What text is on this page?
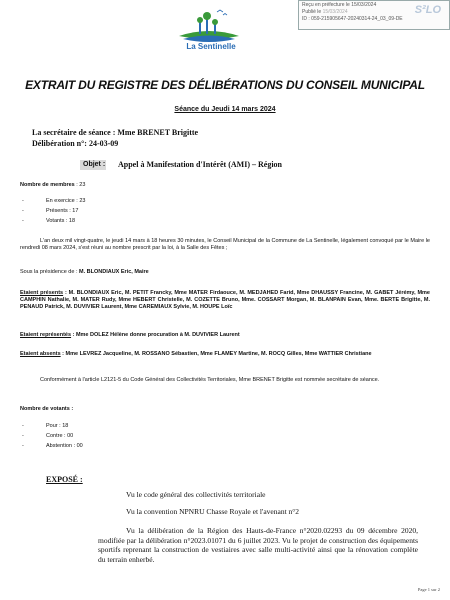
Reçu en préfecture le 15/03/2024
Publié le 15/03/2024
ID : 059-215905647-20240314-24_03_09-DE
S²LO
Ville de
La Sentinelle
EXTRAIT DU REGISTRE DES DÉLIBÉRATIONS DU CONSEIL MUNICIPAL
Séance du Jeudi 14 mars 2024
La secrétaire de séance : Mme BRENET Brigitte
Délibération n°: 24-03-09
Objet : Appel à Manifestation d'Intérêt (AMI) – Région
Nombre de membres : 23
- En exercice : 23
- Présents : 17
- Votants : 18
L'an deux mil vingt-quatre, le jeudi 14 mars à 18 heures 30 minutes, le Conseil Municipal de la Commune de La Sentinelle, légalement convoqué par le Maire le rendredi 08 mars 2024, s'est réuni au nombre prescrit par la loi, à la Salle des Fêtes ;
Sous la présidence de : M. BLONDIAUX Eric, Maire
Etaient présents : M. BLONDIAUX Eric, M. PETIT Francky, Mme MATER Firdaouce, M. MEDJAHED Farid, Mme DHAUSSY Francine, M. GABET Jérémy, Mme CAMPHIN Nathalie, M. MATER Rudy, Mme HEBERT Christelle, M. COZETTE Bruno, Mme. COSSART Morgan, M. BLANPAIN Evan, Mme. BERTE Brigitte, M. PENAUD Patrick, M. DUVIVIER Laurent, Mme CAREMIAUX Sylvie, M. HOUPE Loïc
Etaient représentés : Mme DOLEZ Hélène donne procuration à M. DUVIVIER Laurent
Etaient absents : Mme LEVREZ Jacqueline, M. ROSSANO Sébastien, Mme FLAMEY Martine, M. ROCQ Gilles, Mme WATTIER Christiane
Conformément à l'article L2121-5 du Code Général des Collectivités Territoriales, Mme BRENET Brigitte est nommée secrétaire de séance.
Nombre de votants :
- Pour : 18
- Contre : 00
- Abstention : 00
EXPOSÉ :
Vu le code général des collectivités territoriale
Vu la convention NPNRU Chasse Royale et l'avenant n°2
Vu la délibération de la Région des Hauts-de-France n°2020.02293 du 09 décembre 2020, modifiée par la délibération n°2023.01071 du 6 juillet 2023. Vu le projet de construction des équipements sportifs reprenant la construction de vestiaires avec salle multi-activité ainsi que la rénovation complète du terrain enherbé.
Page 1 sur 2
